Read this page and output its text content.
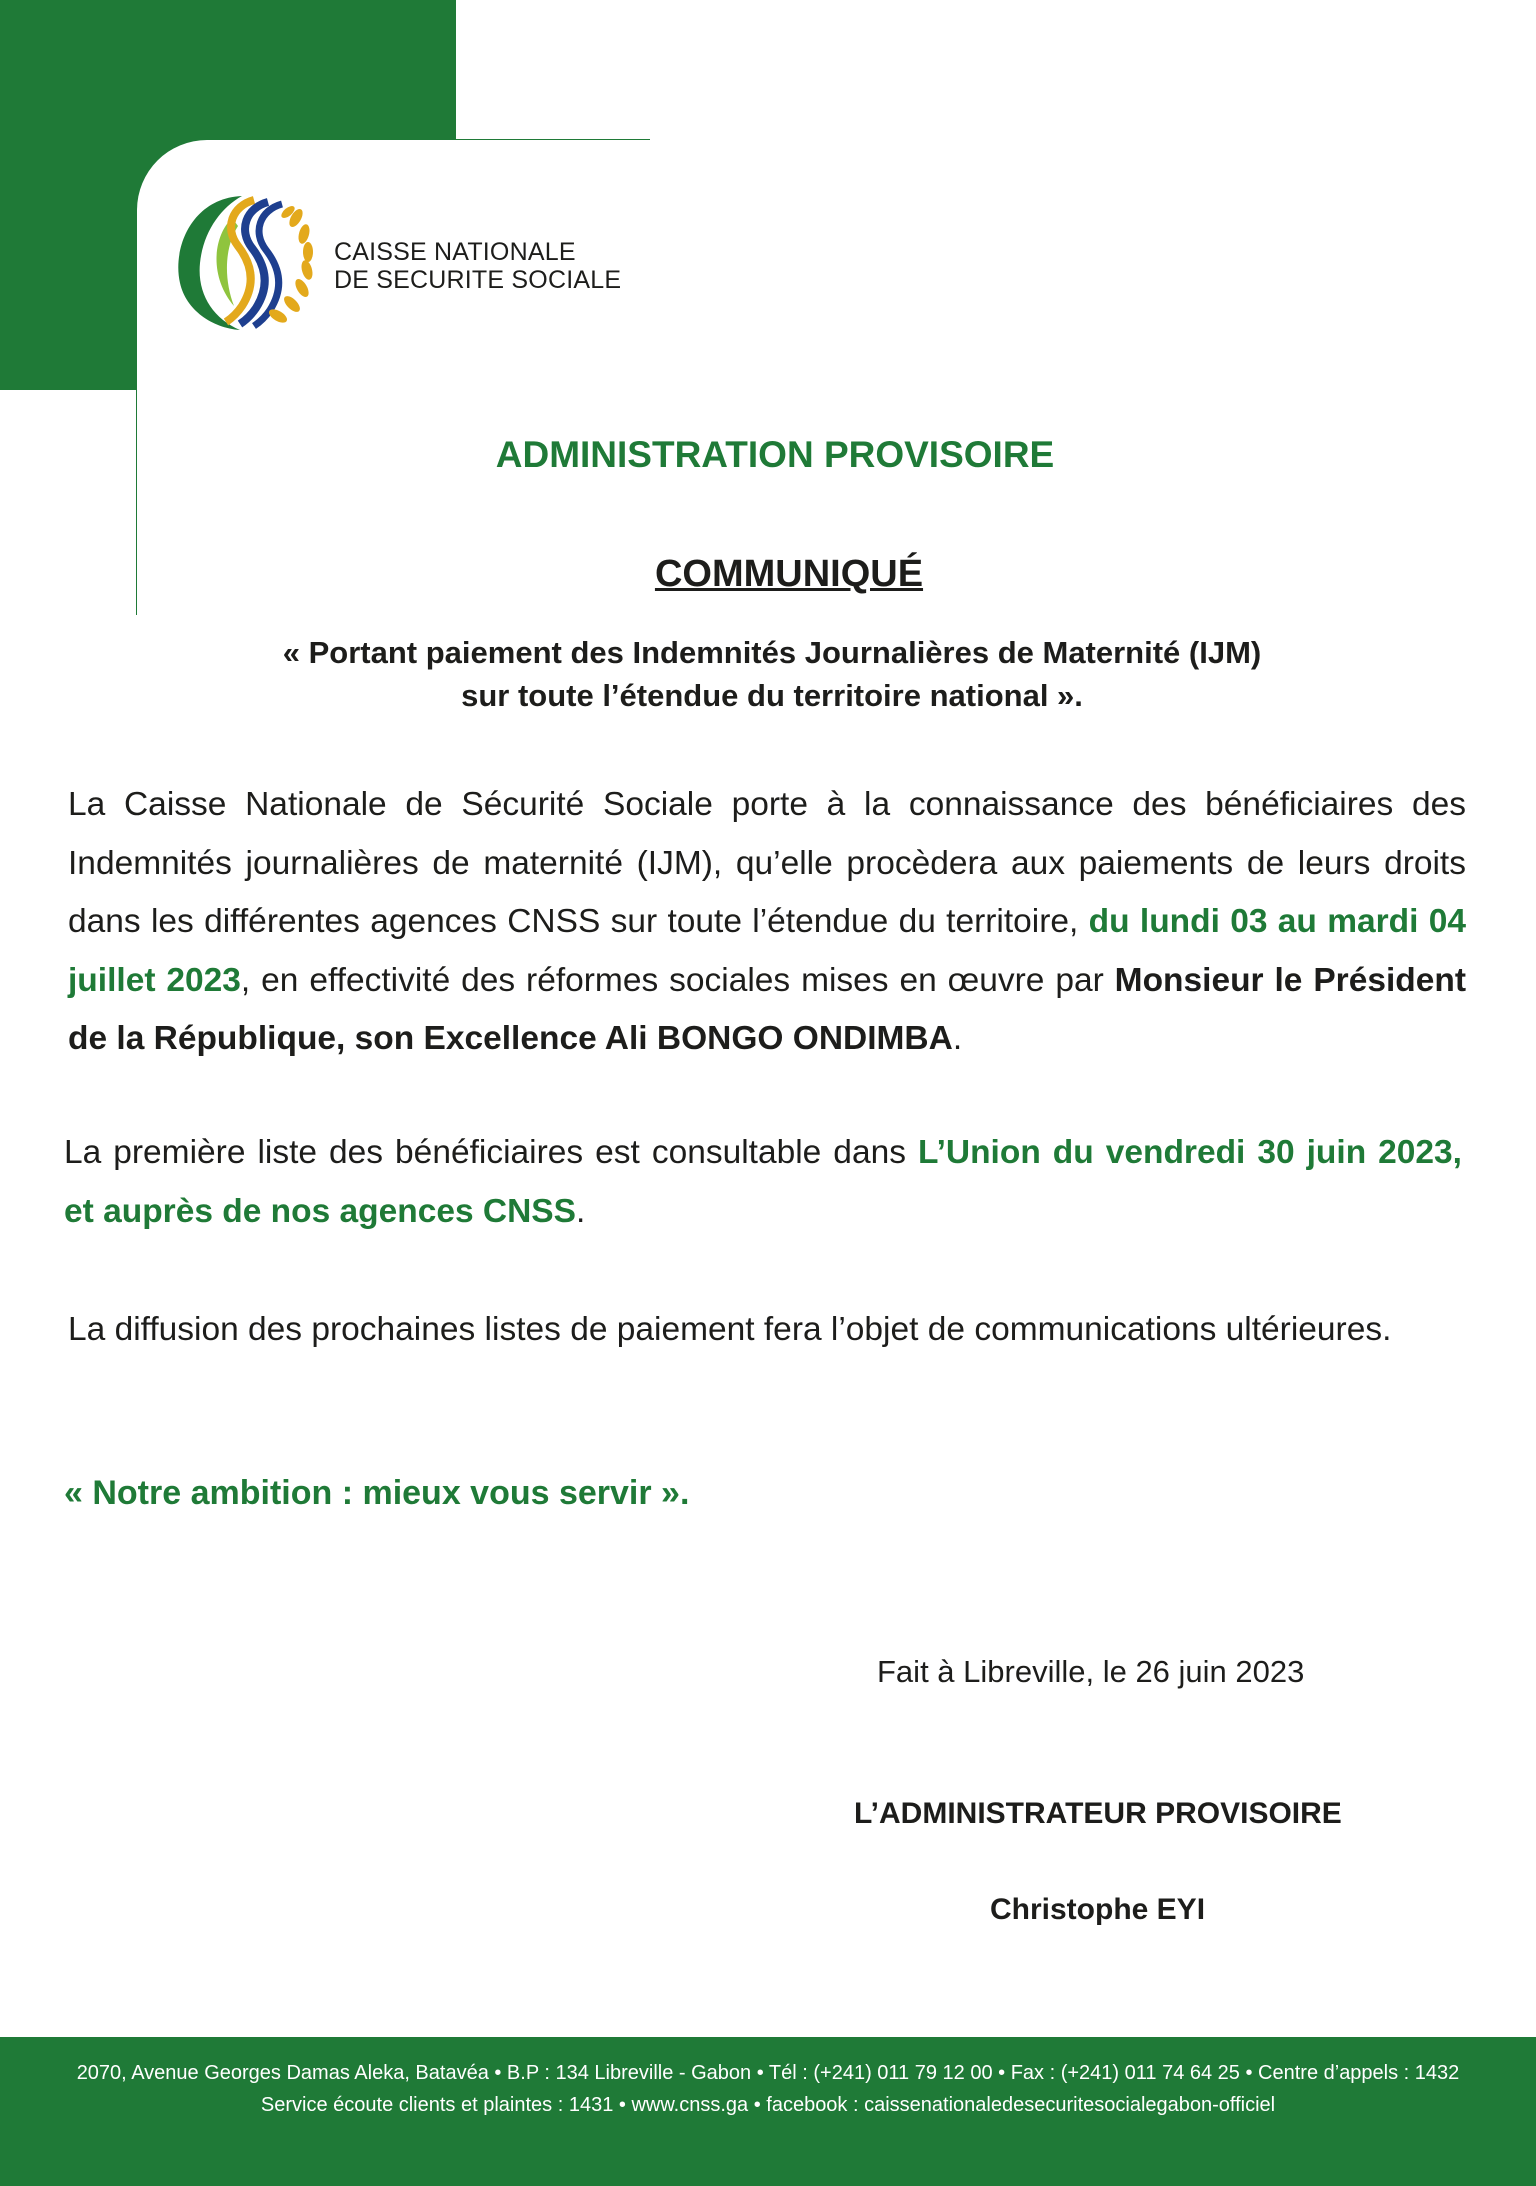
CAISSE NATIONALE
DE SECURITE SOCIALE
ADMINISTRATION PROVISOIRE
COMMUNIQUÉ
« Portant paiement des Indemnités Journalières de Maternité (IJM)
sur toute l’étendue du territoire national ».
La Caisse Nationale de Sécurité Sociale porte à la connaissance des bénéficiaires des Indemnités journalières de maternité (IJM), qu’elle procèdera aux paiements de leurs droits dans les différentes agences CNSS sur toute l’étendue du territoire, du lundi 03 au mardi 04 juillet 2023, en effectivité des réformes sociales mises en œuvre par Monsieur le Président de la République, son Excellence Ali BONGO ONDIMBA.
La première liste des bénéficiaires est consultable dans L’Union du vendredi 30 juin 2023, et auprès de nos agences CNSS.
La diffusion des prochaines listes de paiement fera l’objet de communications ultérieures.
« Notre ambition : mieux vous servir ».
Fait à Libreville, le 26 juin 2023
L’ADMINISTRATEUR PROVISOIRE
Christophe EYI
2070, Avenue Georges Damas Aleka, Batavéa • B.P : 134 Libreville - Gabon • Tél : (+241) 011 79 12 00 • Fax : (+241) 011 74 64 25 • Centre d’appels : 1432
Service écoute clients et plaintes : 1431 • www.cnss.ga • facebook : caissenationaledesecuritesocialegabon-officiel
